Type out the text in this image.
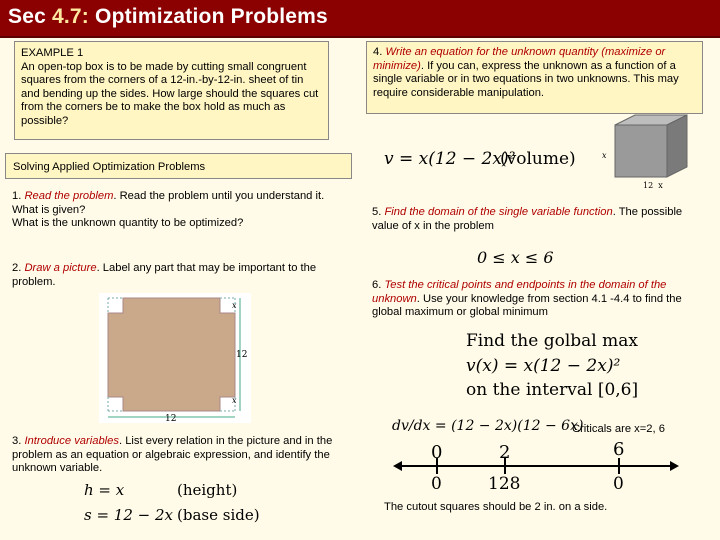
Sec 4.7: Optimization Problems
EXAMPLE 1
An open-top box is to be made by cutting small congruent squares from the corners of a 12-in.-by-12-in. sheet of tin and bending up the sides. How large should the squares cut from the corners be to make the box hold as much as possible?
Solving Applied Optimization Problems
1. Read the problem. Read the problem until you understand it. What is given?
What is the unknown quantity to be optimized?
2. Draw a picture. Label any part that may be important to the problem.
x
x
12
12
3. Introduce variables. List every relation in the picture and in the problem as an equation or algebraic expression, and identify the unknown variable.
h = x	(height)
s = 12 − 2x (base side)
4. Write an equation for the unknown quantity (maximize or minimize). If you can, express the unknown as a function of a single variable or in two equations in two unknowns. This may require considerable manipulation.
x
12  x
v = x(12 − 2x)²
(volume)
5. Find the domain of the single variable function. The possible value of x in the problem
0 ≤ x ≤ 6
6. Test the critical points and endpoints in the domain of the unknown. Use your knowledge from section 4.1 -4.4 to find the global maximum or global minimum
Find the golbal max
v(x) = x(12 − 2x)²
on the interval [0,6]
dv/dx = (12 − 2x)(12 − 6x)
Criticals are x=2, 6
0	2	6
0	128	0
The cutout squares should be 2 in. on a side.
